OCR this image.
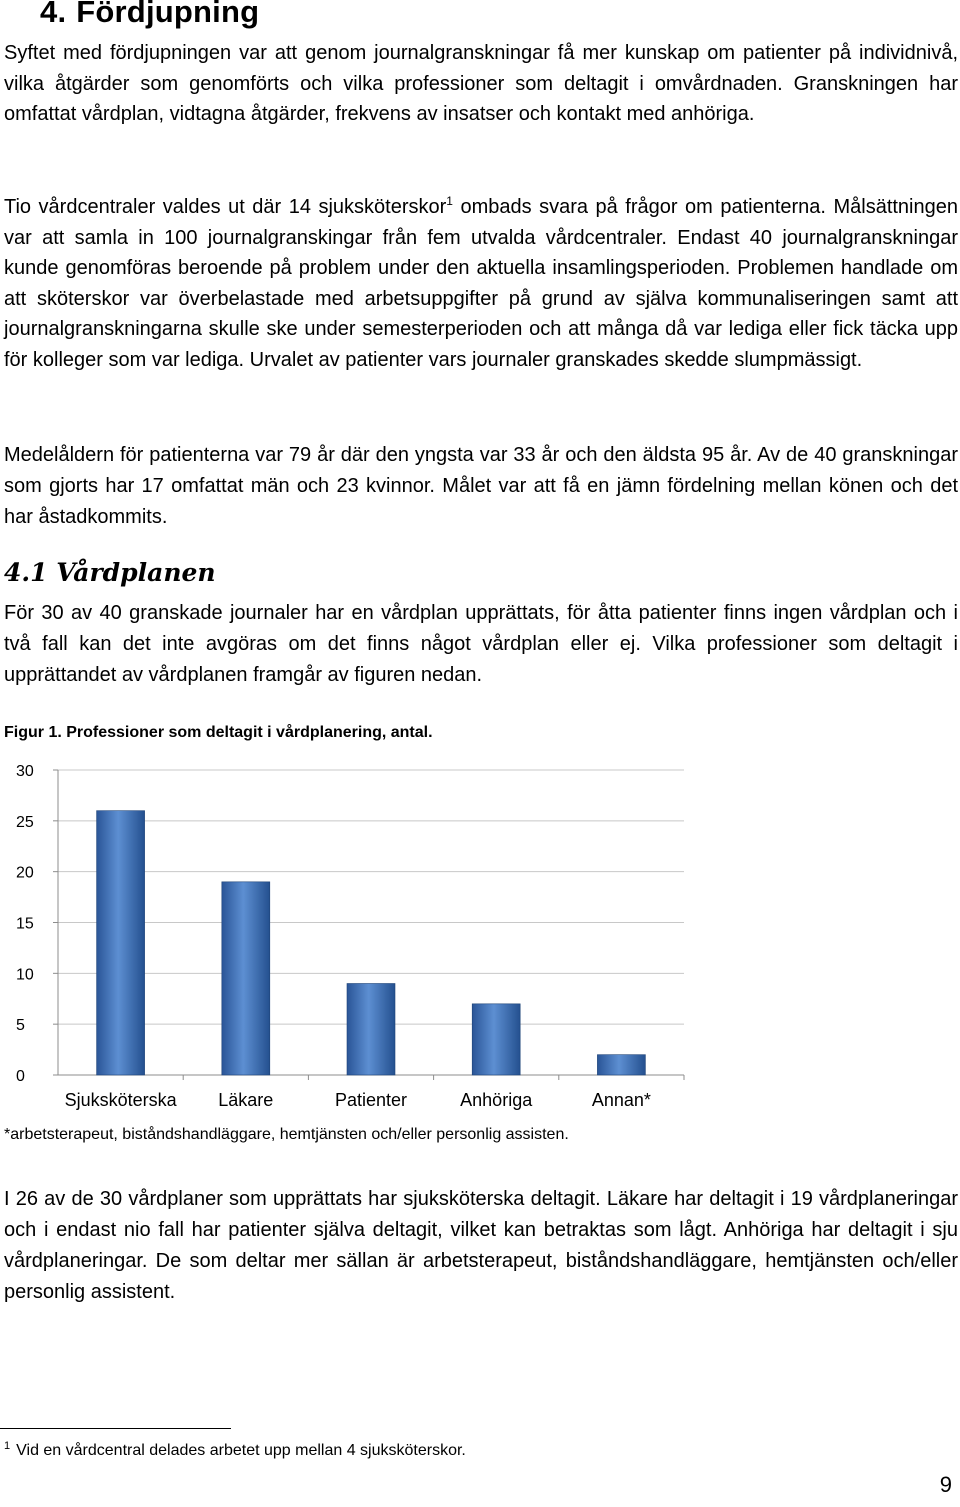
4. Fördjupning

Syftet med fördjupningen var att genom journalgranskningar få mer kunskap om patienter på individnivå, vilka åtgärder som genomförts och vilka professioner som deltagit i omvårdnaden. Granskningen har omfattat vårdplan, vidtagna åtgärder, frekvens av insatser och kontakt med anhöriga.

Tio vårdcentraler valdes ut där 14 sjuksköterskor$^1$ ombads svara på frågor om patienterna. Målsättningen var att samla in 100 journalgranskingar från fem utvalda vårdcentraler. Endast 40 journalgranskningar kunde genomföras beroende på problem under den aktuella insamlingsperioden. Problemen handlade om att sköterskor var överbelastade med arbetsuppgifter på grund av själva kommunaliseringen samt att journalgranskningarna skulle ske under semesterperioden och att många då var lediga eller fick täcka upp för kolleger som var lediga. Urvalet av patienter vars journaler granskades skedde slumpmässigt.

Medelåldern för patienterna var 79 år där den yngsta var 33 år och den äldsta 95 år. Av de 40 granskningar som gjorts har 17 omfattat män och 23 kvinnor. Målet var att få en jämn fördelning mellan könen och det har åstadkommits.

4.1 Vårdplanen

För 30 av 40 granskade journaler har en vårdplan upprättats, för åtta patienter finns ingen vårdplan och i två fall kan det inte avgöras om det finns något vårdplan eller ej. Vilka professioner som deltagit i upprättandet av vårdplanen framgår av figuren nedan.

Figur 1. Professioner som deltagit i vårdplanering, antal.
0
5
10
15
20
25
30
Sjuksköterska Läkare	Patienter	Anhöriga	Annan*
*arbetsterapeut, biståndshandläggare, hemtjänsten och/eller personlig assisten.

I 26 av de 30 vårdplaner som upprättats har sjuksköterska deltagit. Läkare har deltagit i 19 vårdplaneringar och i endast nio fall har patienter själva deltagit, vilket kan betraktas som lågt. Anhöriga har deltagit i sju vårdplaneringar. De som deltar mer sällan är arbetsterapeut, biståndshandläggare, hemtjänsten och/eller personlig assistent.

$^1$ Vid en vårdcentral delades arbetet upp mellan 4 sjuksköterskor.
9
